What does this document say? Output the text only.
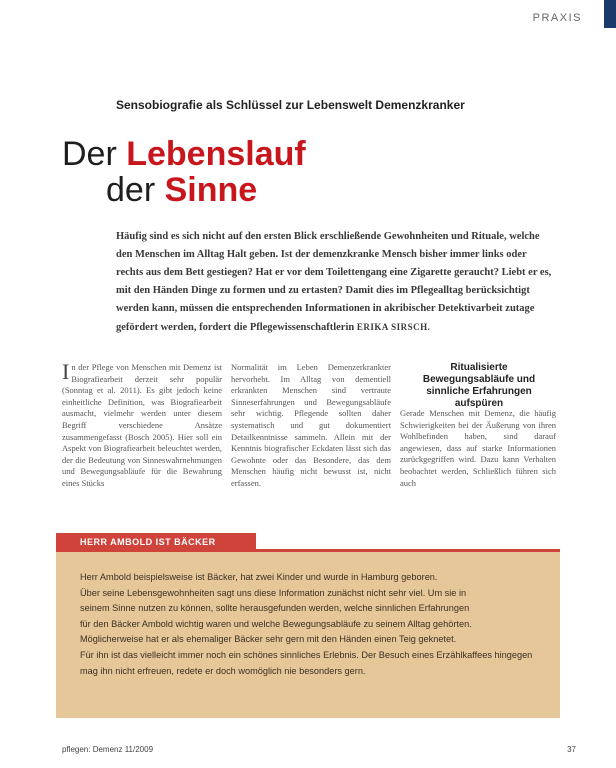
PRAXIS
Sensobiografie als Schlüssel zur Lebenswelt Demenzkranker
Der Lebenslauf
der Sinne
Häufig sind es sich nicht auf den ersten Blick erschließende Gewohnheiten und Rituale, welche den Menschen im Alltag Halt geben. Ist der demenzkranke Mensch bisher immer links oder rechts aus dem Bett gestiegen? Hat er vor dem Toilettengang eine Zigarette geraucht? Liebt er es, mit den Händen Dinge zu formen und zu ertasten? Damit dies im Pflegealltag berücksichtigt werden kann, müssen die entsprechenden Informationen in akribischer Detektivarbeit zutage gefördert werden, fordert die Pflegewissenschaftlerin ERIKA SIRSCH.

In der Pflege von Menschen mit Demenz ist Biografiearbeit derzeit sehr populär (Sonntag et al. 2011). Es gibt jedoch keine einheitliche Definition, was Biografiearbeit ausmacht, vielmehr werden unter diesem Begriff verschiedene Ansätze zusammengefasst (Bosch 2005). Hier soll ein Aspekt von Biografiearbeit beleuchtet werden, der die Bedeutung von Sinneswahrnehmungen und Bewegungsabläufe für die Bewahrung eines Stücks

Normalität im Leben Demenzerkrankter hervorhebt. Im Alltag von dementiell erkrankten Menschen sind vertraute Sinneserfahrungen und Bewegungsabläufe sehr wichtig. Pflegende sollten daher systematisch und gut dokumentiert Detailkenntnisse sammeln. Allein mit der Kenntnis biografischer Eckdaten lässt sich das Gewohnte oder das Besondere, das dem Menschen häufig nicht bewusst ist, nicht erfassen.

Ritualisierte Bewegungsabläufe und sinnliche Erfahrungen aufspüren

Gerade Menschen mit Demenz, die häufig Schwierigkeiten bei der Äußerung von ihren Wohlbefinden haben, sind darauf angewiesen, dass auf starke Informationen zurückgegriffen wird. Dazu kann Verhalten beobachtet werden, Schließlich führen sich auch

HERR AMBOLD IST BÄCKER

Herr Ambold beispielsweise ist Bäcker, hat zwei Kinder und wurde in Hamburg geboren.

Über seine Lebensgewohnheiten sagt uns diese Information zunächst nicht sehr viel. Um sie in

seinem Sinne nutzen zu können, sollte herausgefunden werden, welche sinnlichen Erfahrungen

für den Bäcker Ambold wichtig waren und welche Bewegungsabläufe zu seinem Alltag gehörten.

Möglicherweise hat er als ehemaliger Bäcker sehr gern mit den Händen einen Teig geknetet.

Für ihn ist das vielleicht immer noch ein schönes sinnliches Erlebnis. Der Besuch eines Erzählkaffees hingegen mag ihn nicht erfreuen, redete er doch womöglich nie besonders gern.

pflegen: Demenz 11/2009	37
